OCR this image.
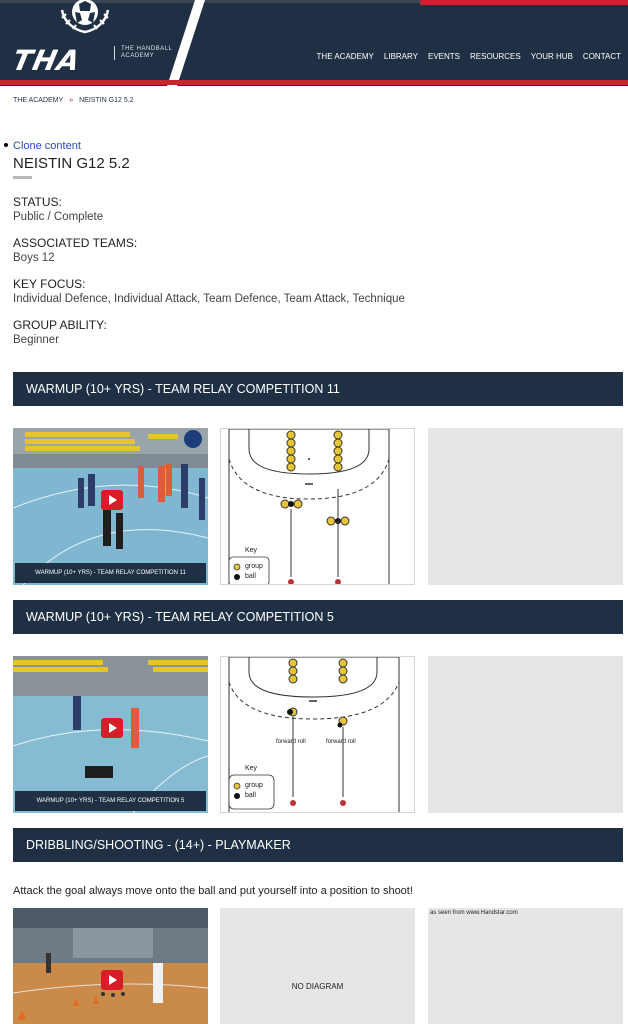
THA	THE HANDBALL ACADEMY	THE ACADEMY	LIBRARY	EVENTS	RESOURCES	YOUR HUB	CONTACT
THE ACADEMY » NEISTIN G12 5.2
Clone content
NEISTIN G12 5.2
STATUS:
Public / Complete
ASSOCIATED TEAMS:
Boys 12
KEY FOCUS:
Individual Defence, Individual Attack, Team Defence, Team Attack, Technique
GROUP ABILITY:
Beginner
WARMUP (10+ YRS) - TEAM RELAY COMPETITION 11
WARMUP (10+ YRS) - TEAM RELAY COMPETITION 11
Key
group
ball
WARMUP (10+ YRS) - TEAM RELAY COMPETITION 5
WARMUP (10+ YRS) - TEAM RELAY COMPETITION 5
forward roll	forward roll
Key
group
ball
DRIBBLING/SHOOTING - (14+) - PLAYMAKER
Attack the goal always move onto the ball and put yourself into a position to shoot!
NO DIAGRAM
as seen from www.Handstar.com
